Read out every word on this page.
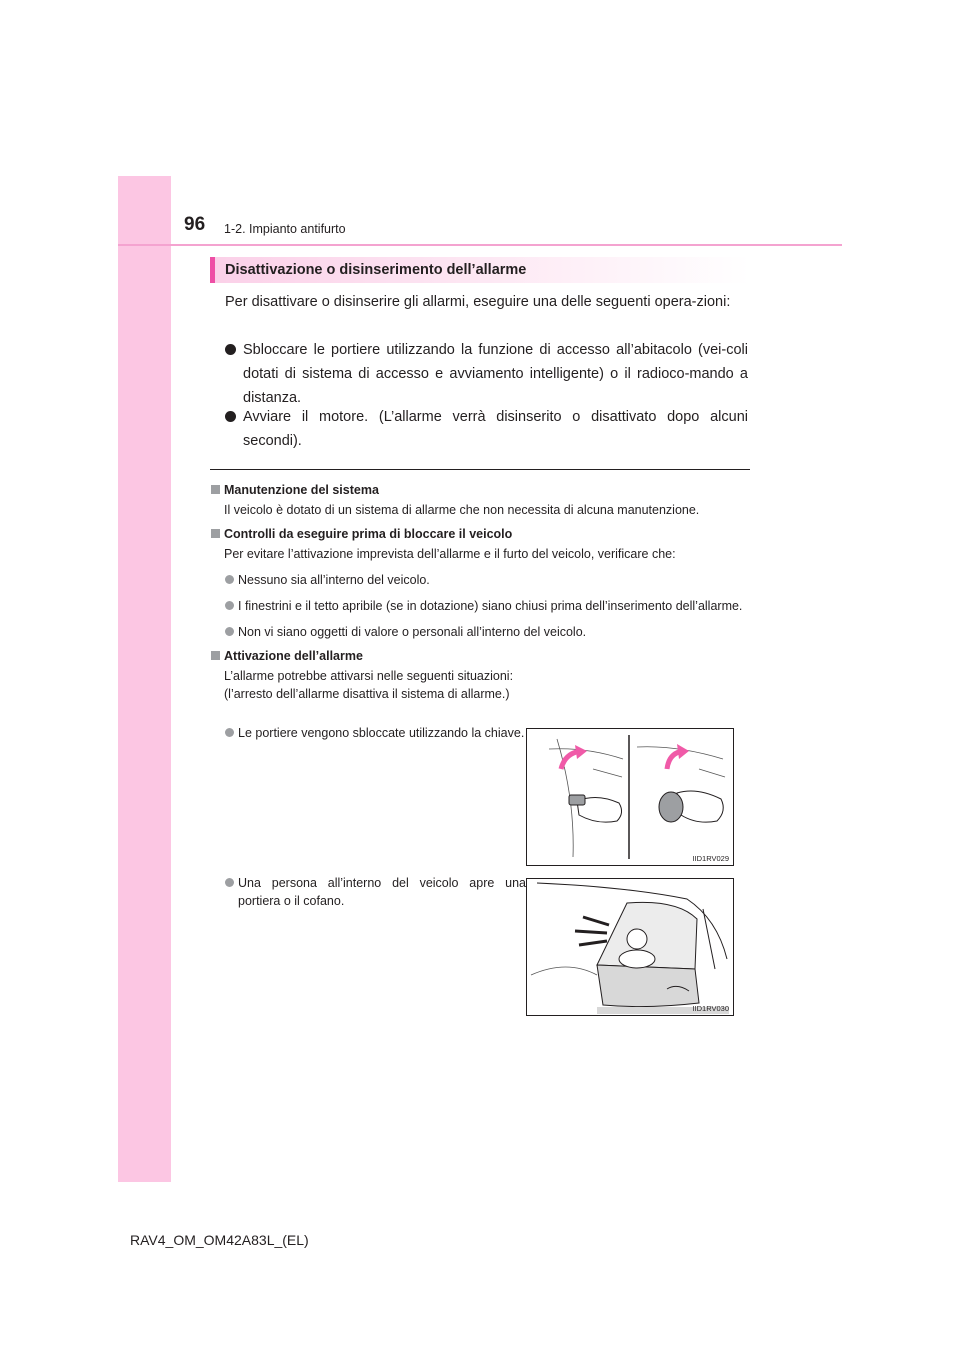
96 1-2. Impianto antifurto
Disattivazione o disinserimento dell’allarme
Per disattivare o disinserire gli allarmi, eseguire una delle seguenti opera-zioni:
Sbloccare le portiere utilizzando la funzione di accesso all’abitacolo (vei-coli dotati di sistema di accesso e avviamento intelligente) o il radioco-mando a distanza.
Avviare il motore. (L’allarme verrà disinserito o disattivato dopo alcuni secondi).
Manutenzione del sistema
Il veicolo è dotato di un sistema di allarme che non necessita di alcuna manutenzione.
Controlli da eseguire prima di bloccare il veicolo
Per evitare l’attivazione imprevista dell’allarme e il furto del veicolo, verificare che:
Nessuno sia all’interno del veicolo.
I finestrini e il tetto apribile (se in dotazione) siano chiusi prima dell’inserimento dell’allarme.
Non vi siano oggetti di valore o personali all’interno del veicolo.
Attivazione dell’allarme
L’allarme potrebbe attivarsi nelle seguenti situazioni:
(l’arresto dell’allarme disattiva il sistema di allarme.)
Le portiere vengono sbloccate utilizzando la chiave.
Una persona all’interno del veicolo apre una portiera o il cofano.
IID1RV029
IID1RV030
RAV4_OM_OM42A83L_(EL)
